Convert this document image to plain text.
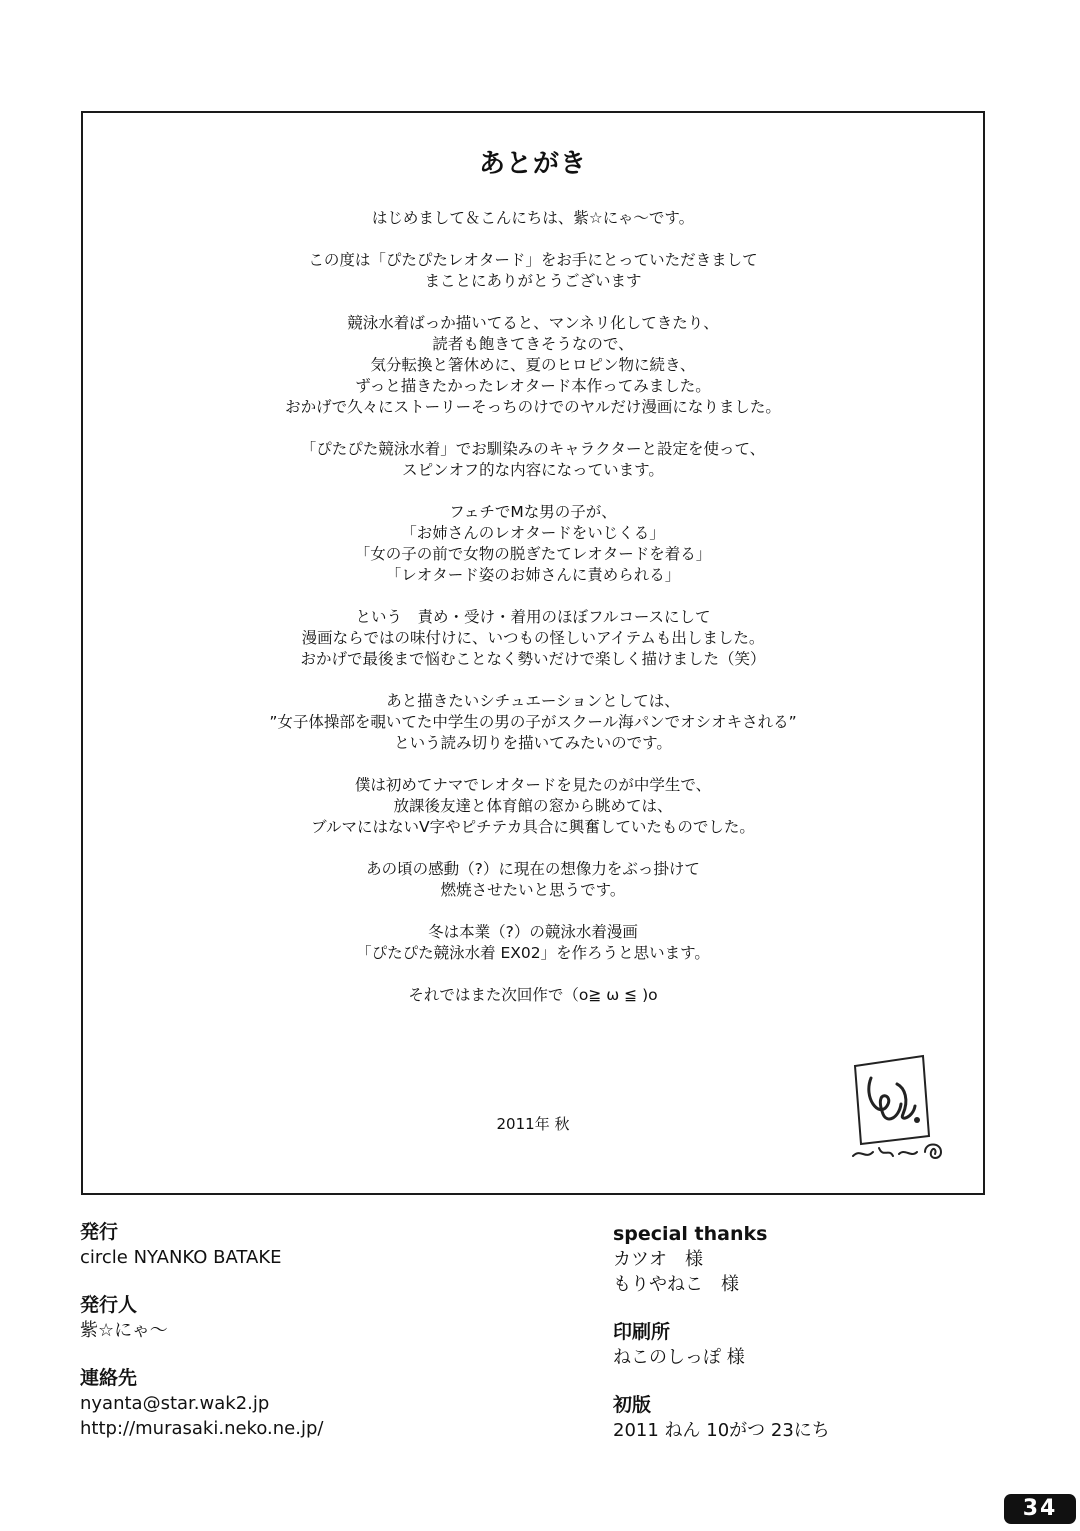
あとがき
はじめまして＆こんにちは、紫☆にゃ～です。
この度は「ぴたぴたレオタード」をお手にとっていただきまして
まことにありがとうございます
競泳水着ばっか描いてると、マンネリ化してきたり、
読者も飽きてきそうなので、
気分転換と箸休めに、夏のヒロピン物に続き、
ずっと描きたかったレオタード本作ってみました。
おかげで久々にストーリーそっちのけでのヤルだけ漫画になりました。
「ぴたぴた競泳水着」でお馴染みのキャラクターと設定を使って、
スピンオフ的な内容になっています。
フェチでMな男の子が、
「お姉さんのレオタードをいじくる」
「女の子の前で女物の脱ぎたてレオタードを着る」
「レオタード姿のお姉さんに責められる」
という　責め・受け・着用のほぼフルコースにして
漫画ならではの味付けに、いつもの怪しいアイテムも出しました。
おかげで最後まで悩むことなく勢いだけで楽しく描けました（笑）
あと描きたいシチュエーションとしては、
”女子体操部を覗いてた中学生の男の子がスクール海パンでオシオキされる”
という読み切りを描いてみたいのです。
僕は初めてナマでレオタードを見たのが中学生で、
放課後友達と体育館の窓から眺めては、
ブルマにはないV字やピチテカ具合に興奮していたものでした。
あの頃の感動（?）に現在の想像力をぶっ掛けて
燃焼させたいと思うです。
冬は本業（?）の競泳水着漫画
「ぴたぴた競泳水着 EX02」を作ろうと思います。
それではまた次回作で（o≧ ω ≦ )o
2011年 秋
発行
circle NYANKO BATAKE
発行人
紫☆にゃ～
連絡先
nyanta@star.wak2.jp
http://murasaki.neko.ne.jp/
special thanks
カツオ　様
もりやねこ　様
印刷所
ねこのしっぽ 様
初版
2011 ねん 10がつ 23にち
34
